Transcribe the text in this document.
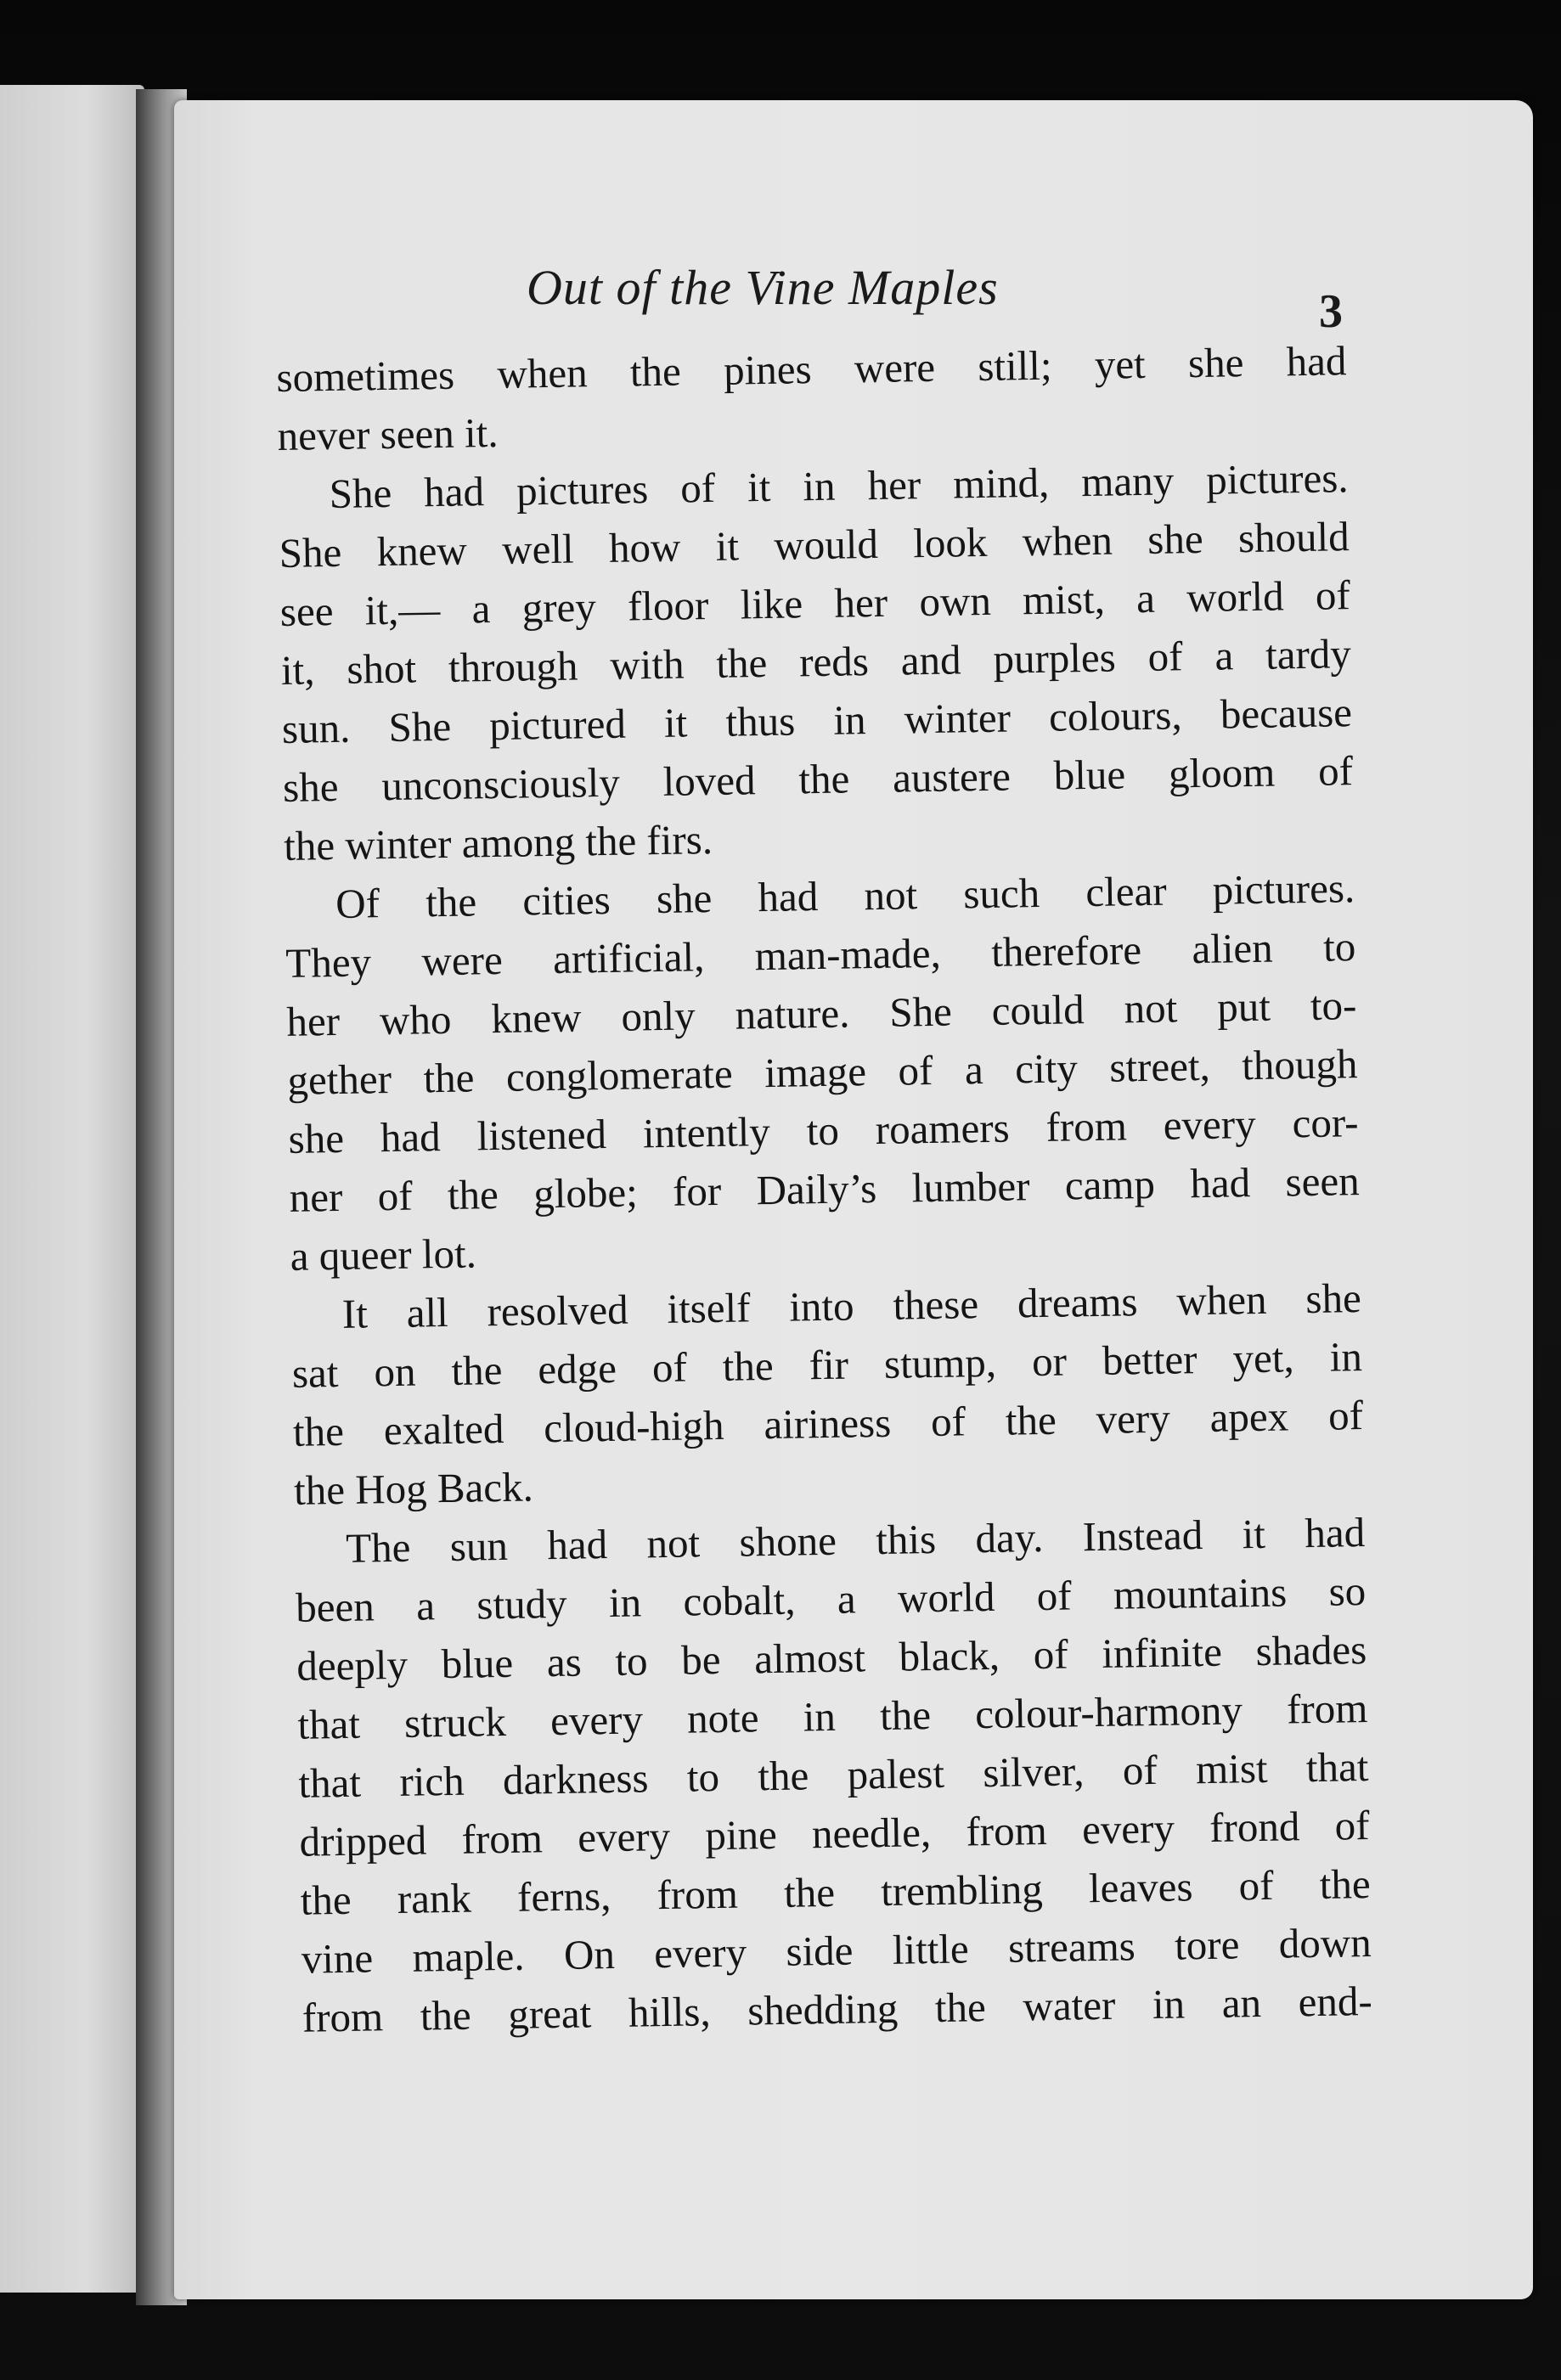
Out of the Vine Maples	3
sometimes when the pines were still; yet she had
never seen it.
She had pictures of it in her mind, many pictures.
She knew well how it would look when she should
see it,— a grey floor like her own mist, a world of
it, shot through with the reds and purples of a tardy
sun. She pictured it thus in winter colours, because
she unconsciously loved the austere blue gloom of
the winter among the firs.
Of the cities she had not such clear pictures.
They were artificial, man-made, therefore alien to
her who knew only nature. She could not put to-
gether the conglomerate image of a city street, though
she had listened intently to roamers from every cor-
ner of the globe; for Daily’s lumber camp had seen
a queer lot.
It all resolved itself into these dreams when she
sat on the edge of the fir stump, or better yet, in
the exalted cloud-high airiness of the very apex of
the Hog Back.
The sun had not shone this day. Instead it had
been a study in cobalt, a world of mountains so
deeply blue as to be almost black, of infinite shades
that struck every note in the colour-harmony from
that rich darkness to the palest silver, of mist that
dripped from every pine needle, from every frond of
the rank ferns, from the trembling leaves of the
vine maple. On every side little streams tore down
from the great hills, shedding the water in an end-
